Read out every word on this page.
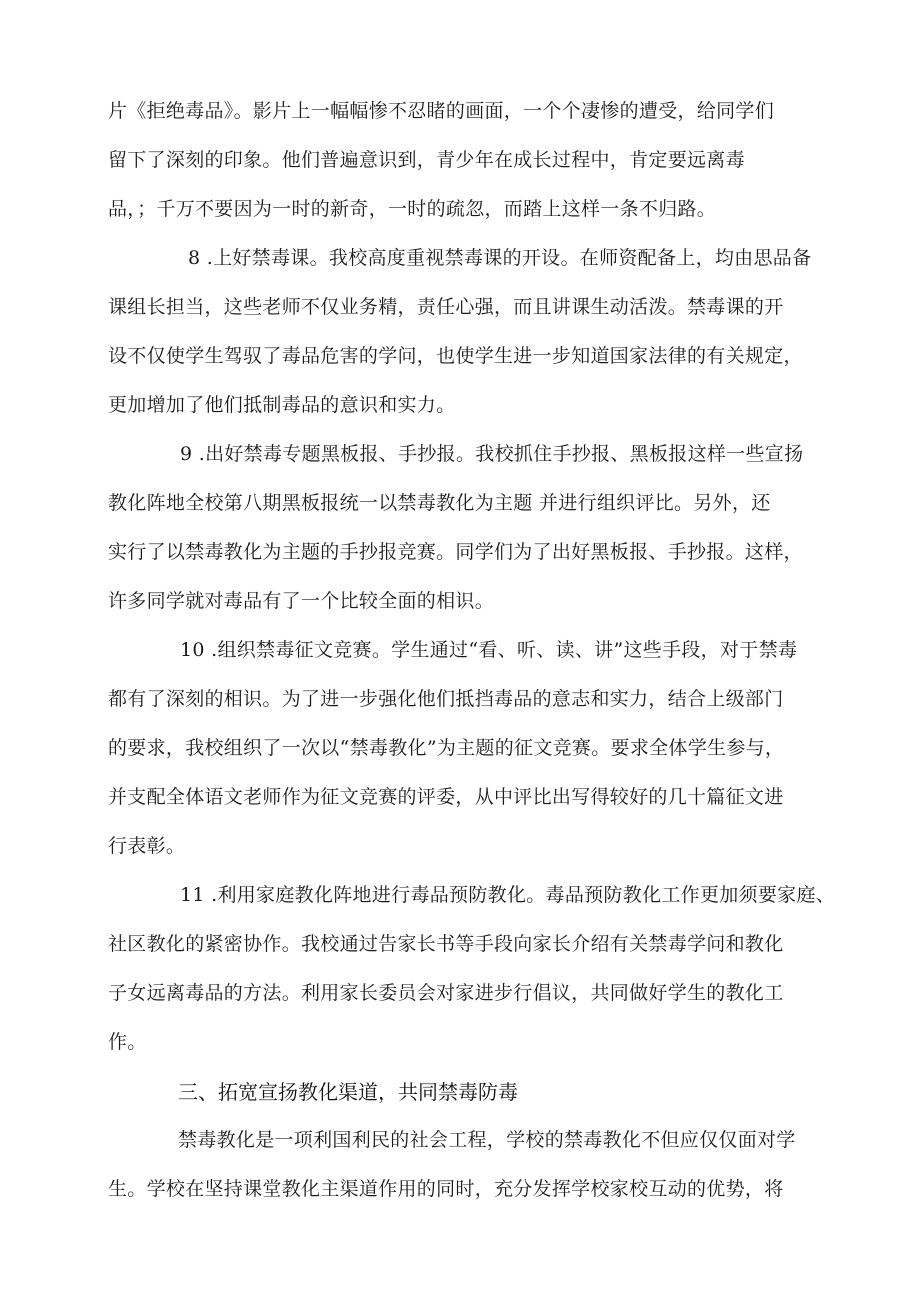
片《拒绝毒品》。影片上一幅幅惨不忍睹的画面，一个个凄惨的遭受，给同学们
留下了深刻的印象。他们普遍意识到，青少年在成长过程中，肯定要远离毒
品，；千万不要因为一时的新奇，一时的疏忽，而踏上这样一条不归路。
8 .上好禁毒课。我校高度重视禁毒课的开设。在师资配备上，均由思品备
课组长担当，这些老师不仅业务精，责任心强，而且讲课生动活泼。禁毒课的开
设不仅使学生驾驭了毒品危害的学问，也使学生进一步知道国家法律的有关规定，
更加增加了他们抵制毒品的意识和实力。
9 .出好禁毒专题黑板报、手抄报。我校抓住手抄报、黑板报这样一些宣扬
教化阵地全校第八期黑板报统一以禁毒教化为主题 并进行组织评比。另外，还
实行了以禁毒教化为主题的手抄报竞赛。同学们为了出好黑板报、手抄报。这样，
许多同学就对毒品有了一个比较全面的相识。
10 .组织禁毒征文竞赛。学生通过“看、听、读、讲”这些手段，对于禁毒
都有了深刻的相识。为了进一步强化他们抵挡毒品的意志和实力，结合上级部门
的要求，我校组织了一次以“禁毒教化”为主题的征文竞赛。要求全体学生参与，
并支配全体语文老师作为征文竞赛的评委，从中评比出写得较好的几十篇征文进
行表彰。
11 .利用家庭教化阵地进行毒品预防教化。毒品预防教化工作更加须要家庭、
社区教化的紧密协作。我校通过告家长书等手段向家长介绍有关禁毒学问和教化
子女远离毒品的方法。利用家长委员会对家进步行倡议，共同做好学生的教化工
作。
三、拓宽宣扬教化渠道，共同禁毒防毒
禁毒教化是一项利国利民的社会工程，学校的禁毒教化不但应仅仅面对学
生。学校在坚持课堂教化主渠道作用的同时，充分发挥学校家校互动的优势，将
